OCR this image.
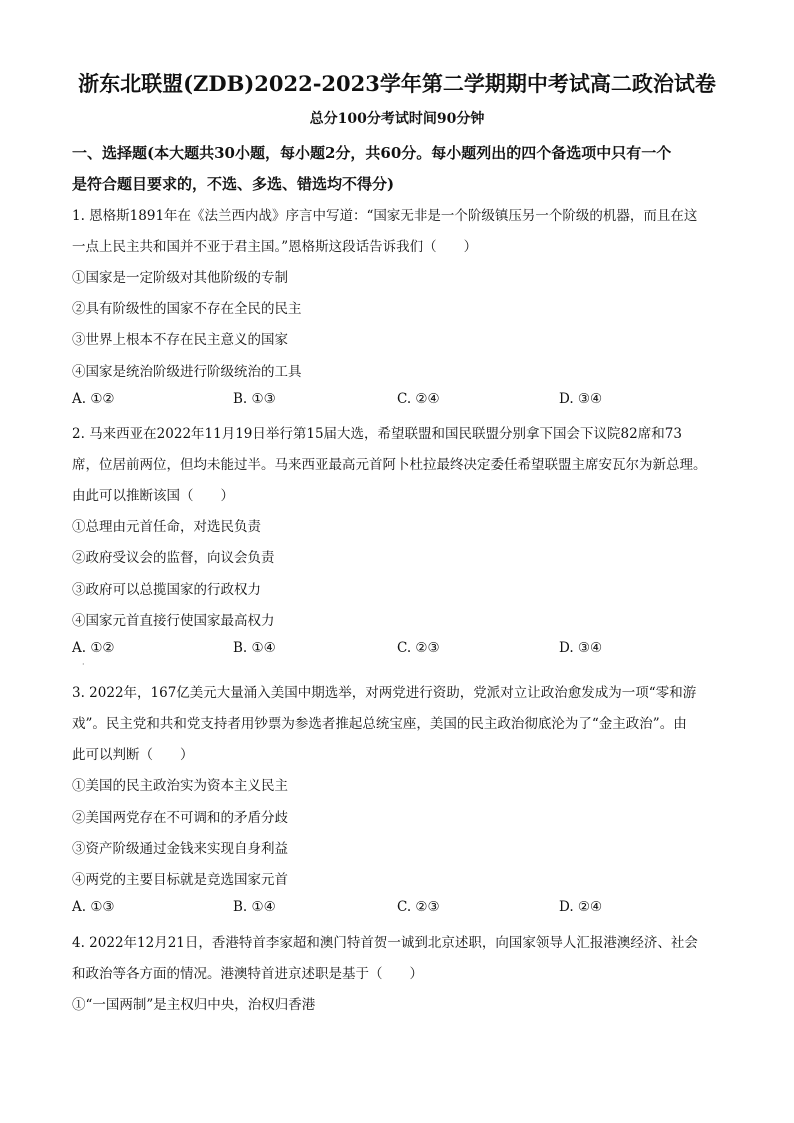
浙东北联盟(ZDB)2022-2023学年第二学期期中考试高二政治试卷
总分100分考试时间90分钟
一、选择题(本大题共30小题，每小题2分，共60分。每小题列出的四个备选项中只有一个
是符合题目要求的，不选、多选、错选均不得分)
1. 恩格斯1891年在《法兰西内战》序言中写道：“国家无非是一个阶级镇压另一个阶级的机器，而且在这
一点上民主共和国并不亚于君主国。”恩格斯这段话告诉我们（　　）
①国家是一定阶级对其他阶级的专制
②具有阶级性的国家不存在全民的民主
③世界上根本不存在民主意义的国家
④国家是统治阶级进行阶级统治的工具
A. ①②	B. ①③	C. ②④	D. ③④
2. 马来西亚在2022年11月19日举行第15届大选，希望联盟和国民联盟分别拿下国会下议院82席和73
席，位居前两位，但均未能过半。马来西亚最高元首阿卜杜拉最终决定委任希望联盟主席安瓦尔为新总理。
由此可以推断该国（　　）
①总理由元首任命，对选民负责
②政府受议会的监督，向议会负责
③政府可以总揽国家的行政权力
④国家元首直接行使国家最高权力
A. ①②	B. ①④	C. ②③	D. ③④
·
3. 2022年，167亿美元大量涌入美国中期选举，对两党进行资助，党派对立让政治愈发成为一项“零和游
戏”。民主党和共和党支持者用钞票为参选者推起总统宝座，美国的民主政治彻底沦为了“金主政治”。由
此可以判断（　　）
①美国的民主政治实为资本主义民主
②美国两党存在不可调和的矛盾分歧
③资产阶级通过金钱来实现自身利益
④两党的主要目标就是竞选国家元首
A. ①③	B. ①④	C. ②③	D. ②④
4. 2022年12月21日，香港特首李家超和澳门特首贺一诚到北京述职，向国家领导人汇报港澳经济、社会
和政治等各方面的情况。港澳特首进京述职是基于（　　）
①“一国两制”是主权归中央，治权归香港
